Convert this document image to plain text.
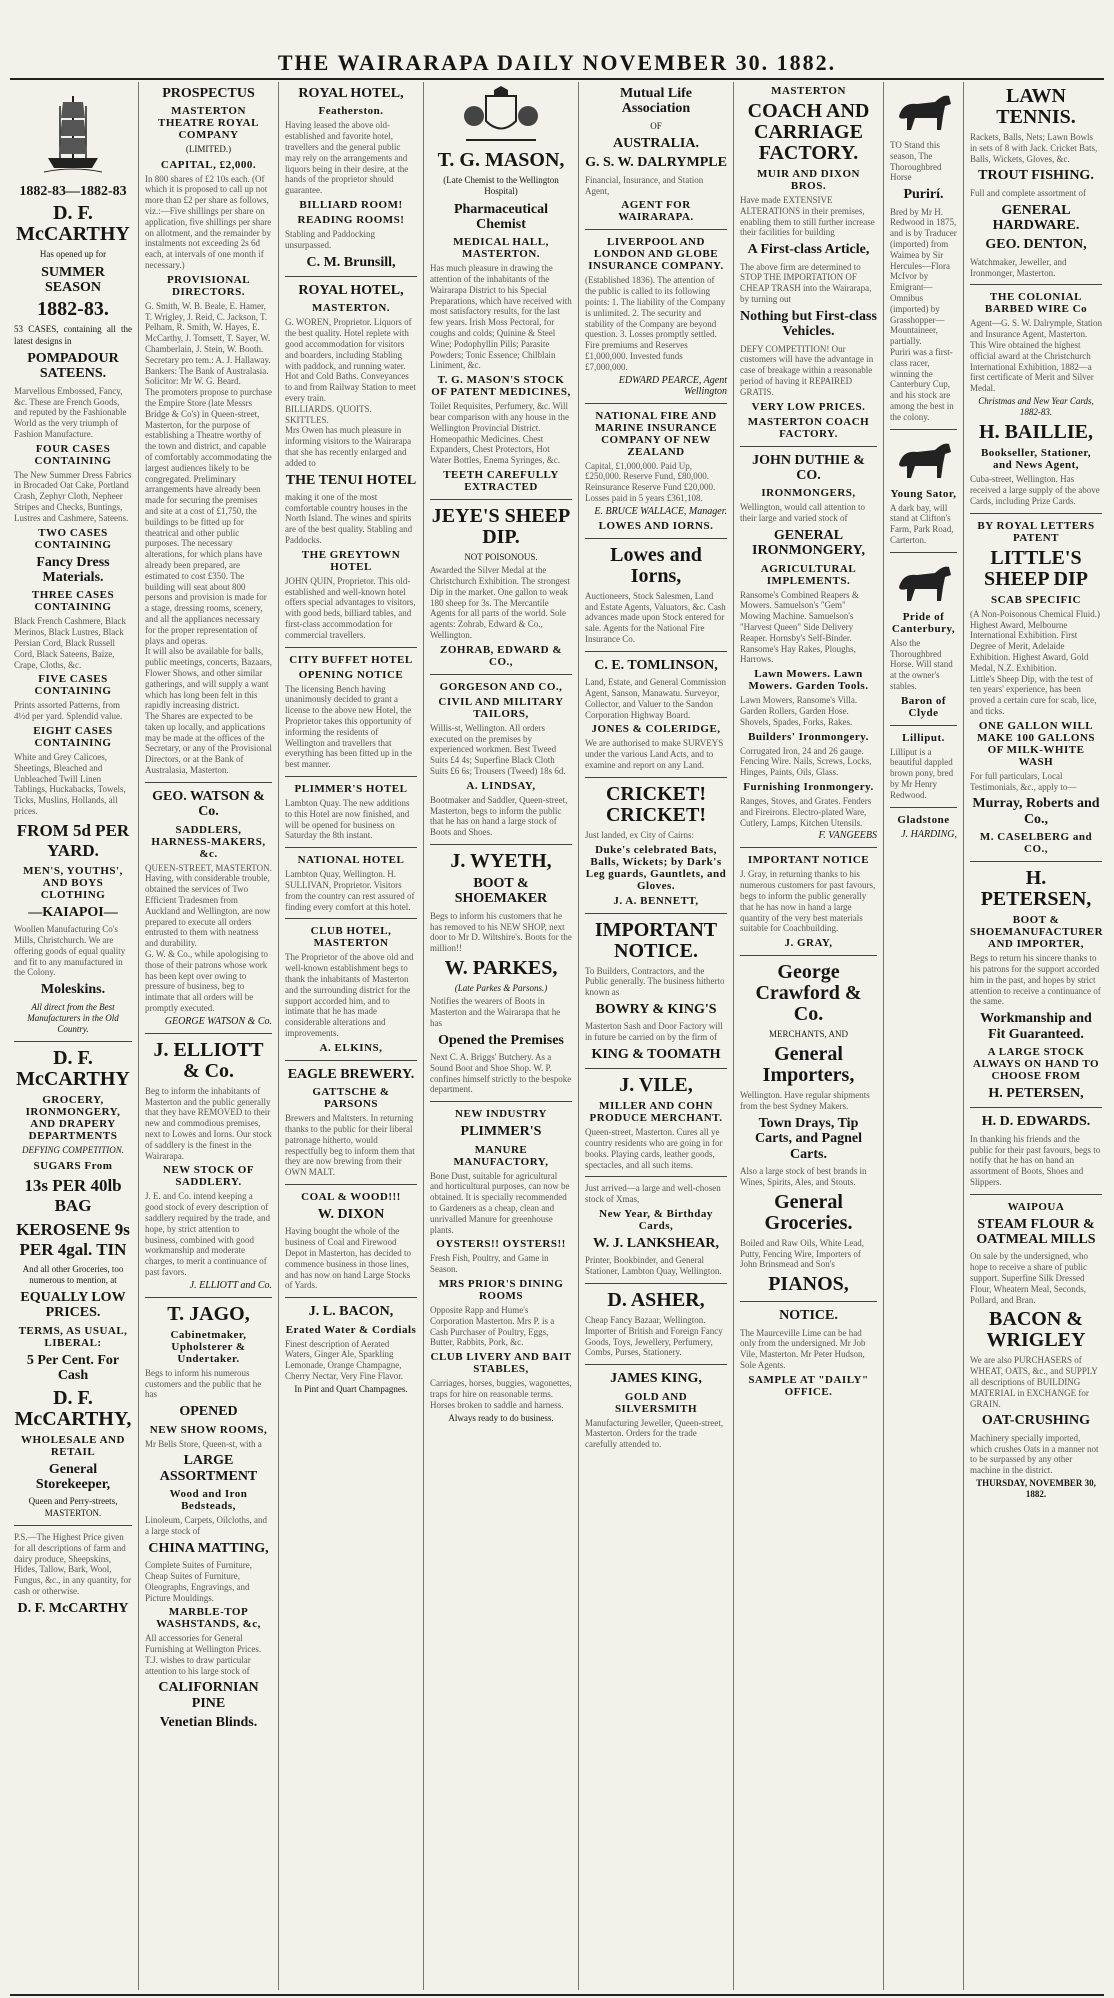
THE WAIRARAPA DAILY NOVEMBER 30. 1882.
1882-83—1882-83
D. F. McCARTHY
Has opened up for
SUMMER SEASON
1882-83.
53 CASES, containing all the latest designs in
POMPADOUR SATEENS.
Marvellous Embossed, Fancy, &c. These are French Goods, and reputed by the Fashionable World as the very triumph of Fashion Manufacture.
FOUR CASES CONTAINING
The New Summer Dress Fabrics in Brocaded Oat Cake, Portland Crash, Zephyr Cloth, Nepheer Stripes and Checks, Buntings, Lustres and Cashmere, Sateens.
TWO CASES CONTAINING
Fancy Dress Materials.
THREE CASES CONTAINING
Black French Cashmere, Black Merinos, Black Lustres, Black Persian Cord, Black Russell Cord, Black Sateens, Baize, Crape, Cloths, &c.
FIVE CASES CONTAINING
Prints assorted Patterns, from 4½d per yard. Splendid value.
EIGHT CASES CONTAINING
White and Grey Calicoes, Sheetings, Bleached and Unbleached Twill Linen Tablings, Huckabacks, Towels, Ticks, Muslins, Hollands, all prices.
FROM 5d PER YARD.
MEN'S, YOUTHS', AND BOYS CLOTHING
—KAIAPOI—
Woollen Manufacturing Co's Mills, Christchurch. We are offering goods of equal quality and fit to any manufactured in the Colony.
Moleskins.
All direct from the Best Manufacturers in the Old Country.
D. F. McCARTHY
GROCERY, IRONMONGERY, AND DRAPERY DEPARTMENTS
DEFYING COMPETITION.
SUGARS From
13s PER 40lb BAG
KEROSENE 9s PER 4gal. TIN
And all other Groceries, too numerous to mention, at
EQUALLY LOW PRICES.
TERMS, AS USUAL, LIBERAL:
5 Per Cent. For Cash
D. F. McCARTHY,
WHOLESALE AND RETAIL
General Storekeeper,
Queen and Perry-streets, MASTERTON.
P.S.—The Highest Price given for all descriptions of farm and dairy produce, Sheepskins, Hides, Tallow, Bark, Wool, Fungus, &c., in any quantity, for cash or otherwise.
D. F. McCARTHY
PROSPECTUS
MASTERTON THEATRE ROYAL COMPANY
(LIMITED.)
CAPITAL, £2,000.
In 800 shares of £2 10s each. (Of which it is proposed to call up not more than £2 per share as follows, viz.:—Five shillings per share on application, five shillings per share on allotment, and the remainder by instalments not exceeding 2s 6d each, at intervals of one month if necessary.)
PROVISIONAL DIRECTORS.
G. Smith, W. B. Beale, E. Hamer, T. Wrigley, J. Reid, C. Jackson, T. Pelham, R. Smith, W. Hayes, E. McCarthy, J. Tomsett, T. Sayer, W. Chamberlain, J. Stein, W. Booth.
Secretary pro tem.: A. J. Hallaway. Bankers: The Bank of Australasia. Solicitor: Mr W. G. Beard.
The promoters propose to purchase the Empire Store (late Messrs Bridge & Co's) in Queen-street, Masterton, for the purpose of establishing a Theatre worthy of the town and district, and capable of comfortably accommodating the largest audiences likely to be congregated. Preliminary arrangements have already been made for securing the premises and site at a cost of £1,750, the buildings to be fitted up for theatrical and other public purposes. The necessary alterations, for which plans have already been prepared, are estimated to cost £350. The building will seat about 800 persons and provision is made for a stage, dressing rooms, scenery, and all the appliances necessary for the proper representation of plays and operas.
It will also be available for balls, public meetings, concerts, Bazaars, Flower Shows, and other similar gatherings, and will supply a want which has long been felt in this rapidly increasing district.
The Shares are expected to be taken up locally, and applications may be made at the offices of the Secretary, or any of the Provisional Directors, or at the Bank of Australasia, Masterton.
GEO. WATSON & Co.
SADDLERS, HARNESS-MAKERS, &c.
QUEEN-STREET, MASTERTON. Having, with considerable trouble, obtained the services of Two Efficient Tradesmen from Auckland and Wellington, are now prepared to execute all orders entrusted to them with neatness and durability.
G. W. & Co., while apologising to those of their patrons whose work has been kept over owing to pressure of business, beg to intimate that all orders will be promptly executed.
GEORGE WATSON & Co.
J. ELLIOTT & Co.
Beg to inform the inhabitants of Masterton and the public generally that they have REMOVED to their new and commodious premises, next to Lowes and Iorns. Our stock of saddlery is the finest in the Wairarapa.
NEW STOCK OF SADDLERY.
J. E. and Co. intend keeping a good stock of every description of saddlery required by the trade, and hope, by strict attention to business, combined with good workmanship and moderate charges, to merit a continuance of past favors.
J. ELLIOTT and Co.
T. JAGO,
Cabinetmaker, Upholsterer & Undertaker.
Begs to inform his numerous customers and the public that he has
OPENED
NEW SHOW ROOMS,
Mr Bells Store, Queen-st, with a
LARGE ASSORTMENT
Wood and Iron Bedsteads,
Linoleum, Carpets, Oilcloths, and a large stock of
CHINA MATTING,
Complete Suites of Furniture, Cheap Suites of Furniture, Oleographs, Engravings, and Picture Mouldings.
MARBLE-TOP WASHSTANDS, &c,
All accessories for General Furnishing at Wellington Prices. T.J. wishes to draw particular attention to his large stock of
CALIFORNIAN PINE
Venetian Blinds.
ROYAL HOTEL,
Featherston.
Having leased the above old-established and favorite hotel, travellers and the general public may rely on the arrangements and liquors being in their desire, at the hands of the proprietor should guarantee.
BILLIARD ROOM!
READING ROOMS!
Stabling and Paddocking unsurpassed.
C. M. Brunsill,
ROYAL HOTEL,
MASTERTON.
G. WOREN, Proprietor. Liquors of the best quality. Hotel replete with good accommodation for visitors and boarders, including Stabling with paddock, and running water. Hot and Cold Baths. Conveyances to and from Railway Station to meet every train.
BILLIARDS. QUOITS. SKITTLES.
Mrs Owen has much pleasure in informing visitors to the Wairarapa that she has recently enlarged and added to
THE TENUI HOTEL
making it one of the most comfortable country houses in the North Island. The wines and spirits are of the best quality. Stabling and Paddocks.
THE GREYTOWN HOTEL
JOHN QUIN, Proprietor. This old-established and well-known hotel offers special advantages to visitors, with good beds, billiard tables, and first-class accommodation for commercial travellers.
CITY BUFFET HOTEL
OPENING NOTICE
The licensing Bench having unanimously decided to grant a license to the above new Hotel, the Proprietor takes this opportunity of informing the residents of Wellington and travellers that everything has been fitted up in the best manner.
PLIMMER'S HOTEL
Lambton Quay. The new additions to this Hotel are now finished, and will be opened for business on Saturday the 8th instant.
NATIONAL HOTEL
Lambton Quay, Wellington. H. SULLIVAN, Proprietor. Visitors from the country can rest assured of finding every comfort at this hotel.
CLUB HOTEL, MASTERTON
The Proprietor of the above old and well-known establishment begs to thank the inhabitants of Masterton and the surrounding district for the support accorded him, and to intimate that he has made considerable alterations and improvements.
A. ELKINS,
EAGLE BREWERY.
GATTSCHE & PARSONS
Brewers and Maltsters. In returning thanks to the public for their liberal patronage hitherto, would respectfully beg to inform them that they are now brewing from their OWN MALT.
COAL & WOOD!!!
W. DIXON
Having bought the whole of the business of Coal and Firewood Depot in Masterton, has decided to commence business in those lines, and has now on hand Large Stocks of Yards.
J. L. BACON,
Erated Water & Cordials
Finest description of Aerated Waters, Ginger Ale, Sparkling Lemonade, Orange Champagne, Cherry Nectar, Very Fine Flavor.
In Pint and Quart Champagnes.
T. G. MASON,
(Late Chemist to the Wellington Hospital)
Pharmaceutical Chemist
MEDICAL HALL, MASTERTON.
Has much pleasure in drawing the attention of the inhabitants of the Wairarapa District to his Special Preparations, which have received with most satisfactory results, for the last few years. Irish Moss Pectoral, for coughs and colds; Quinine & Steel Wine; Podophyllin Pills; Parasite Powders; Tonic Essence; Chilblain Liniment, &c.
T. G. MASON'S STOCK OF PATENT MEDICINES,
Toilet Requisites, Perfumery, &c. Will bear comparison with any house in the Wellington Provincial District. Homeopathic Medicines. Chest Expanders, Chest Protectors, Hot Water Bottles, Enema Syringes, &c.
TEETH CAREFULLY EXTRACTED
JEYE'S SHEEP DIP.
NOT POISONOUS.
Awarded the Silver Medal at the Christchurch Exhibition. The strongest Dip in the market. One gallon to weak 180 sheep for 3s. The Mercantile Agents for all parts of the world. Sole agents: Zohrab, Edward & Co., Wellington.
ZOHRAB, EDWARD & CO.,
GORGESON AND CO.,
CIVIL AND MILITARY TAILORS,
Willis-st, Wellington. All orders executed on the premises by experienced workmen. Best Tweed Suits £4 4s; Superfine Black Cloth Suits £6 6s; Trousers (Tweed) 18s 6d.
A. LINDSAY,
Bootmaker and Saddler, Queen-street, Masterton, begs to inform the public that he has on hand a large stock of Boots and Shoes.
J. WYETH,
BOOT & SHOEMAKER
Begs to inform his customers that he has removed to his NEW SHOP, next door to Mr D. Wiltshire's. Boots for the million!!
W. PARKES,
(Late Parkes & Parsons.)
Notifies the wearers of Boots in Masterton and the Wairarapa that he has
Opened the Premises
Next C. A. Briggs' Butchery. As a Sound Boot and Shoe Shop. W. P. confines himself strictly to the bespoke department.
NEW INDUSTRY
PLIMMER'S
MANURE MANUFACTORY,
Bone Dust, suitable for agricultural and horticultural purposes, can now be obtained. It is specially recommended to Gardeners as a cheap, clean and unrivalled Manure for greenhouse plants.
OYSTERS!! OYSTERS!!
Fresh Fish, Poultry, and Game in Season.
MRS PRIOR'S DINING ROOMS
Opposite Rapp and Hume's Corporation Masterton. Mrs P. is a Cash Purchaser of Poultry, Eggs, Butter, Rabbits, Pork, &c.
CLUB LIVERY AND BAIT STABLES,
Carriages, horses, buggies, wagonettes, traps for hire on reasonable terms. Horses broken to saddle and harness.
Always ready to do business.
Mutual Life Association
OF
AUSTRALIA.
G. S. W. DALRYMPLE
Financial, Insurance, and Station Agent,
AGENT FOR WAIRARAPA.
LIVERPOOL AND LONDON AND GLOBE INSURANCE COMPANY.
(Established 1836). The attention of the public is called to its following points: 1. The liability of the Company is unlimited. 2. The security and stability of the Company are beyond question. 3. Losses promptly settled. Fire premiums and Reserves £1,000,000. Invested funds £7,000,000.
EDWARD PEARCE, Agent Wellington
NATIONAL FIRE AND MARINE INSURANCE COMPANY OF NEW ZEALAND
Capital, £1,000,000. Paid Up, £250,000. Reserve Fund, £80,000. Reinsurance Reserve Fund £20,000. Losses paid in 5 years £361,108.
E. BRUCE WALLACE, Manager.
LOWES AND IORNS.
Lowes and Iorns,
Auctioneers, Stock Salesmen, Land and Estate Agents, Valuators, &c. Cash advances made upon Stock entered for sale. Agents for the National Fire Insurance Co.
C. E. TOMLINSON,
Land, Estate, and General Commission Agent, Sanson, Manawatu. Surveyor, Collector, and Valuer to the Sandon Corporation Highway Board.
JONES & COLERIDGE,
We are authorised to make SURVEYS under the various Land Acts, and to examine and report on any Land.
CRICKET! CRICKET!
Just landed, ex City of Cairns:
Duke's celebrated Bats, Balls, Wickets; by Dark's Leg guards, Gauntlets, and Gloves.
J. A. BENNETT,
IMPORTANT NOTICE.
To Builders, Contractors, and the Public generally. The business hitherto known as
BOWRY & KING'S
Masterton Sash and Door Factory will in future be carried on by the firm of
KING & TOOMATH
J. VILE,
MILLER AND COHN PRODUCE MERCHANT.
Queen-street, Masterton. Cures all ye country residents who are going in for books. Playing cards, leather goods, spectacles, and all such items.
Just arrived—a large and well-chosen stock of Xmas,
New Year, & Birthday Cards,
W. J. LANKSHEAR,
Printer, Bookbinder, and General Stationer, Lambton Quay, Wellington.
D. ASHER,
Cheap Fancy Bazaar, Wellington. Importer of British and Foreign Fancy Goods, Toys, Jewellery, Perfumery, Combs, Purses, Stationery.
JAMES KING,
GOLD AND SILVERSMITH
Manufacturing Jeweller, Queen-street, Masterton. Orders for the trade carefully attended to.
MASTERTON
COACH AND CARRIAGE FACTORY.
MUIR AND DIXON BROS.
Have made EXTENSIVE ALTERATIONS in their premises, enabling them to still further increase their facilities for building
A First-class Article,
The above firm are determined to STOP THE IMPORTATION OF CHEAP TRASH into the Wairarapa, by turning out
Nothing but First-class Vehicles.
DEFY COMPETITION! Our customers will have the advantage in case of breakage within a reasonable period of having it REPAIRED GRATIS.
VERY LOW PRICES.
MASTERTON COACH FACTORY.
JOHN DUTHIE & CO.
IRONMONGERS,
Wellington, would call attention to their large and varied stock of
GENERAL IRONMONGERY,
AGRICULTURAL IMPLEMENTS.
Ransome's Combined Reapers & Mowers. Samuelson's "Gem" Mowing Machine. Samuelson's "Harvest Queen" Side Delivery Reaper. Hornsby's Self-Binder. Ransome's Hay Rakes, Ploughs, Harrows.
Lawn Mowers. Lawn Mowers. Garden Tools.
Lawn Mowers, Ransome's Villa. Garden Rollers, Garden Hose. Shovels, Spades, Forks, Rakes.
Builders' Ironmongery.
Corrugated Iron, 24 and 26 gauge. Fencing Wire. Nails, Screws, Locks, Hinges, Paints, Oils, Glass.
Furnishing Ironmongery.
Ranges, Stoves, and Grates. Fenders and Fireirons. Electro-plated Ware, Cutlery, Lamps, Kitchen Utensils.
F. VANGEEBS
IMPORTANT NOTICE
J. Gray, in returning thanks to his numerous customers for past favours, begs to inform the public generally that he has now in hand a large quantity of the very best materials suitable for Coachbuilding.
J. GRAY,
George Crawford & Co.
MERCHANTS, AND
General Importers,
Wellington. Have regular shipments from the best Sydney Makers.
Town Drays, Tip Carts, and Pagnel Carts.
Also a large stock of best brands in Wines, Spirits, Ales, and Stouts.
General Groceries.
Boiled and Raw Oils, White Lead, Putty, Fencing Wire, Importers of John Brinsmead and Son's
PIANOS,
NOTICE.
The Maurceville Lime can be had only from the undersigned. Mr Job Vile, Masterton. Mr Peter Hudson, Sole Agents.
SAMPLE AT "DAILY" OFFICE.
TO Stand this season, The Thoroughbred Horse
Purirí.
Bred by Mr H. Redwood in 1875, and is by Traducer (imported) from Waimea by Sir Hercules—Flora McIvor by Emigrant—Omnibus (imported) by Grasshopper—Mountaineer, partially.
Puriri was a first-class racer, winning the Canterbury Cup, and his stock are among the best in the colony.
Young Sator,
A dark bay, will stand at Clifton's Farm, Park Road, Carterton.
Pride of Canterbury,
Also the Thoroughbred Horse. Will stand at the owner's stables.
Baron of Clyde
Lilliput.
Lilliput is a beautiful dappled brown pony, bred by Mr Henry Redwood.
Gladstone
J. HARDING,
LAWN TENNIS.
Rackets, Balls, Nets; Lawn Bowls in sets of 8 with Jack. Cricket Bats, Balls, Wickets, Gloves, &c.
TROUT FISHING.
Full and complete assortment of
GENERAL HARDWARE.
GEO. DENTON,
Watchmaker, Jeweller, and Ironmonger, Masterton.
THE COLONIAL BARBED WIRE Co
Agent—G. S. W. Dalrymple, Station and Insurance Agent, Masterton. This Wire obtained the highest official award at the Christchurch International Exhibition, 1882—a first certificate of Merit and Silver Medal.
Christmas and New Year Cards, 1882-83.
H. BAILLIE,
Bookseller, Stationer, and News Agent,
Cuba-street, Wellington. Has received a large supply of the above Cards, including Prize Cards.
BY ROYAL LETTERS PATENT
LITTLE'S SHEEP DIP
SCAB SPECIFIC
(A Non-Poisonous Chemical Fluid.) Highest Award, Melbourne International Exhibition. First Degree of Merit, Adelaide Exhibition. Highest Award, Gold Medal, N.Z. Exhibition.
Little's Sheep Dip, with the test of ten years' experience, has been proved a certain cure for scab, lice, and ticks.
ONE GALLON WILL MAKE 100 GALLONS OF MILK-WHITE WASH
For full particulars, Local Testimonials, &c., apply to—
Murray, Roberts and Co.,
M. CASELBERG and CO.,
H. PETERSEN,
BOOT & SHOEMANUFACTURER AND IMPORTER,
Begs to return his sincere thanks to his patrons for the support accorded him in the past, and hopes by strict attention to receive a continuance of the same.
Workmanship and Fit Guaranteed.
A LARGE STOCK ALWAYS ON HAND TO CHOOSE FROM
H. PETERSEN,
H. D. EDWARDS.
In thanking his friends and the public for their past favours, begs to notify that he has on hand an assortment of Boots, Shoes and Slippers.
WAIPOUA
STEAM FLOUR & OATMEAL MILLS
On sale by the undersigned, who hope to receive a share of public support. Superfine Silk Dressed Flour, Wheatern Meal, Seconds, Pollard, and Bran.
BACON & WRIGLEY
We are also PURCHASERS of WHEAT, OATS, &c., and SUPPLY all descriptions of BUILDING MATERIAL in EXCHANGE for GRAIN.
OAT-CRUSHING
Machinery specially imported, which crushes Oats in a manner not to be surpassed by any other machine in the district.
THURSDAY, NOVEMBER 30, 1882.
